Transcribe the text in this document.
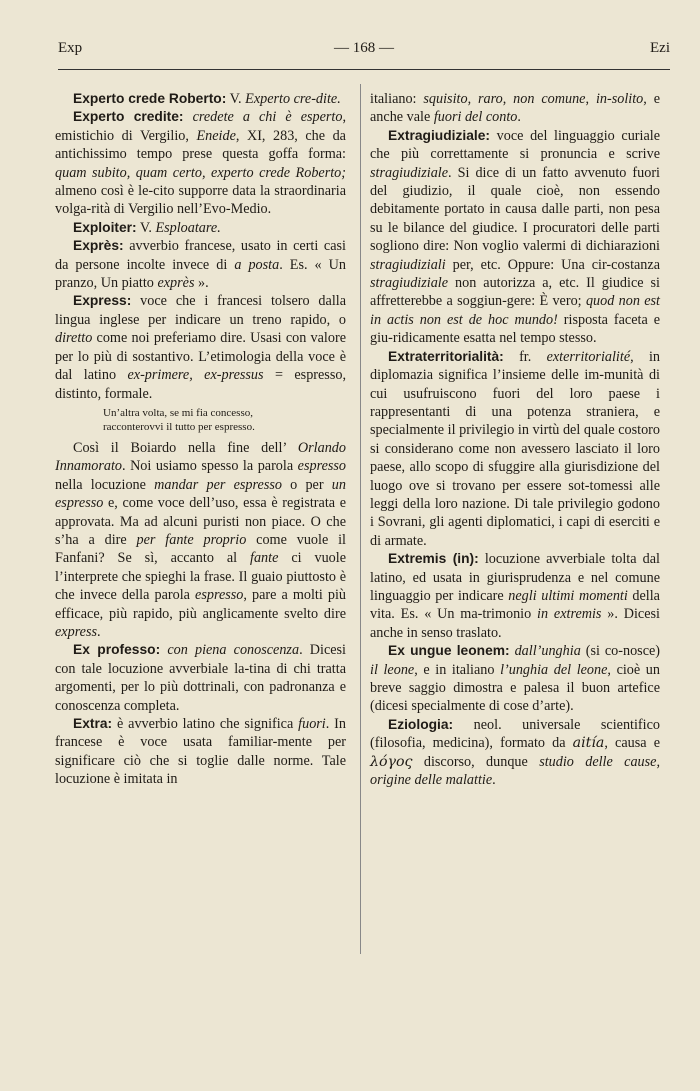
Exp	— 168 —	Ezi

Experto crede Roberto: V. Experto cre-dite.

Experto credite: credete a chi è esperto, emistichio di Vergilio, Eneide, XI, 283, che da antichissimo tempo prese questa goffa forma: quam subito, quam certo, experto crede Roberto; almeno così è le-cito supporre data la straordinaria volga-rità di Vergilio nell’Evo-Medio.

Exploiter: V. Esploatare.

Exprès: avverbio francese, usato in certi casi da persone incolte invece di a posta. Es. « Un pranzo, Un piatto exprès ».

Express: voce che i francesi tolsero dalla lingua inglese per indicare un treno rapido, o diretto come noi preferiamo dire. Usasi con valore per lo più di sostantivo. L’etimologia della voce è dal latino ex-primere, ex-pressus = espresso, distinto, formale.

Un’altra volta, se mi fia concesso,
racconterovvi il tutto per espresso.

Così il Boiardo nella fine dell’ Orlando Innamorato. Noi usiamo spesso la parola espresso nella locuzione mandar per espresso o per un espresso e, come voce dell’uso, essa è registrata e approvata. Ma ad alcuni puristi non piace. O che s’ha a dire per fante proprio come vuole il Fanfani? Se sì, accanto al fante ci vuole l’interprete che spieghi la frase. Il guaio piuttosto è che invece della parola espresso, pare a molti più efficace, più rapido, più anglicamente svelto dire express.

Ex professo: con piena conoscenza. Dicesi con tale locuzione avverbiale la-tina di chi tratta argomenti, per lo più dottrinali, con padronanza e conoscenza completa.

Extra: è avverbio latino che significa fuori. In francese è voce usata familiar-mente per significare ciò che si toglie dalle norme. Tale locuzione è imitata in

italiano: squisito, raro, non comune, in-solito, e anche vale fuori del conto.

Extragiudiziale: voce del linguaggio curiale che più correttamente si pronuncia e scrive stragiudiziale. Si dice di un fatto avvenuto fuori del giudizio, il quale cioè, non essendo debitamente portato in causa dalle parti, non pesa su le bilance del giudice. I procuratori delle parti sogliono dire: Non voglio valermi di dichiarazioni stragiudiziali per, etc. Oppure: Una cir-costanza stragiudiziale non autorizza a, etc. Il giudice si affretterebbe a soggiun-gere: È vero; quod non est in actis non est de hoc mundo! risposta faceta e giu-ridicamente esatta nel tempo stesso.

Extraterritorialità: fr. exterritorialité, in diplomazia significa l’insieme delle im-munità di cui usufruiscono fuori del loro paese i rappresentanti di una potenza straniera, e specialmente il privilegio in virtù del quale costoro si considerano come non avessero lasciato il loro paese, allo scopo di sfuggire alla giurisdizione del luogo ove si trovano per essere sot-tomessi alle leggi della loro nazione. Di tale privilegio godono i Sovrani, gli agenti diplomatici, i capi di eserciti e di armate.

Extremis (in): locuzione avverbiale tolta dal latino, ed usata in giurisprudenza e nel comune linguaggio per indicare negli ultimi momenti della vita. Es. « Un ma-trimonio in extremis ». Dicesi anche in senso traslato.

Ex ungue leonem: dall’unghia (si co-nosce) il leone, e in italiano l’unghia del leone, cioè un breve saggio dimostra e palesa il buon artefice (dicesi specialmente di cose d’arte).

Eziologia: neol. universale scientifico (filosofia, medicina), formato da aitía, causa e λόγος discorso, dunque studio delle cause, origine delle malattie.
